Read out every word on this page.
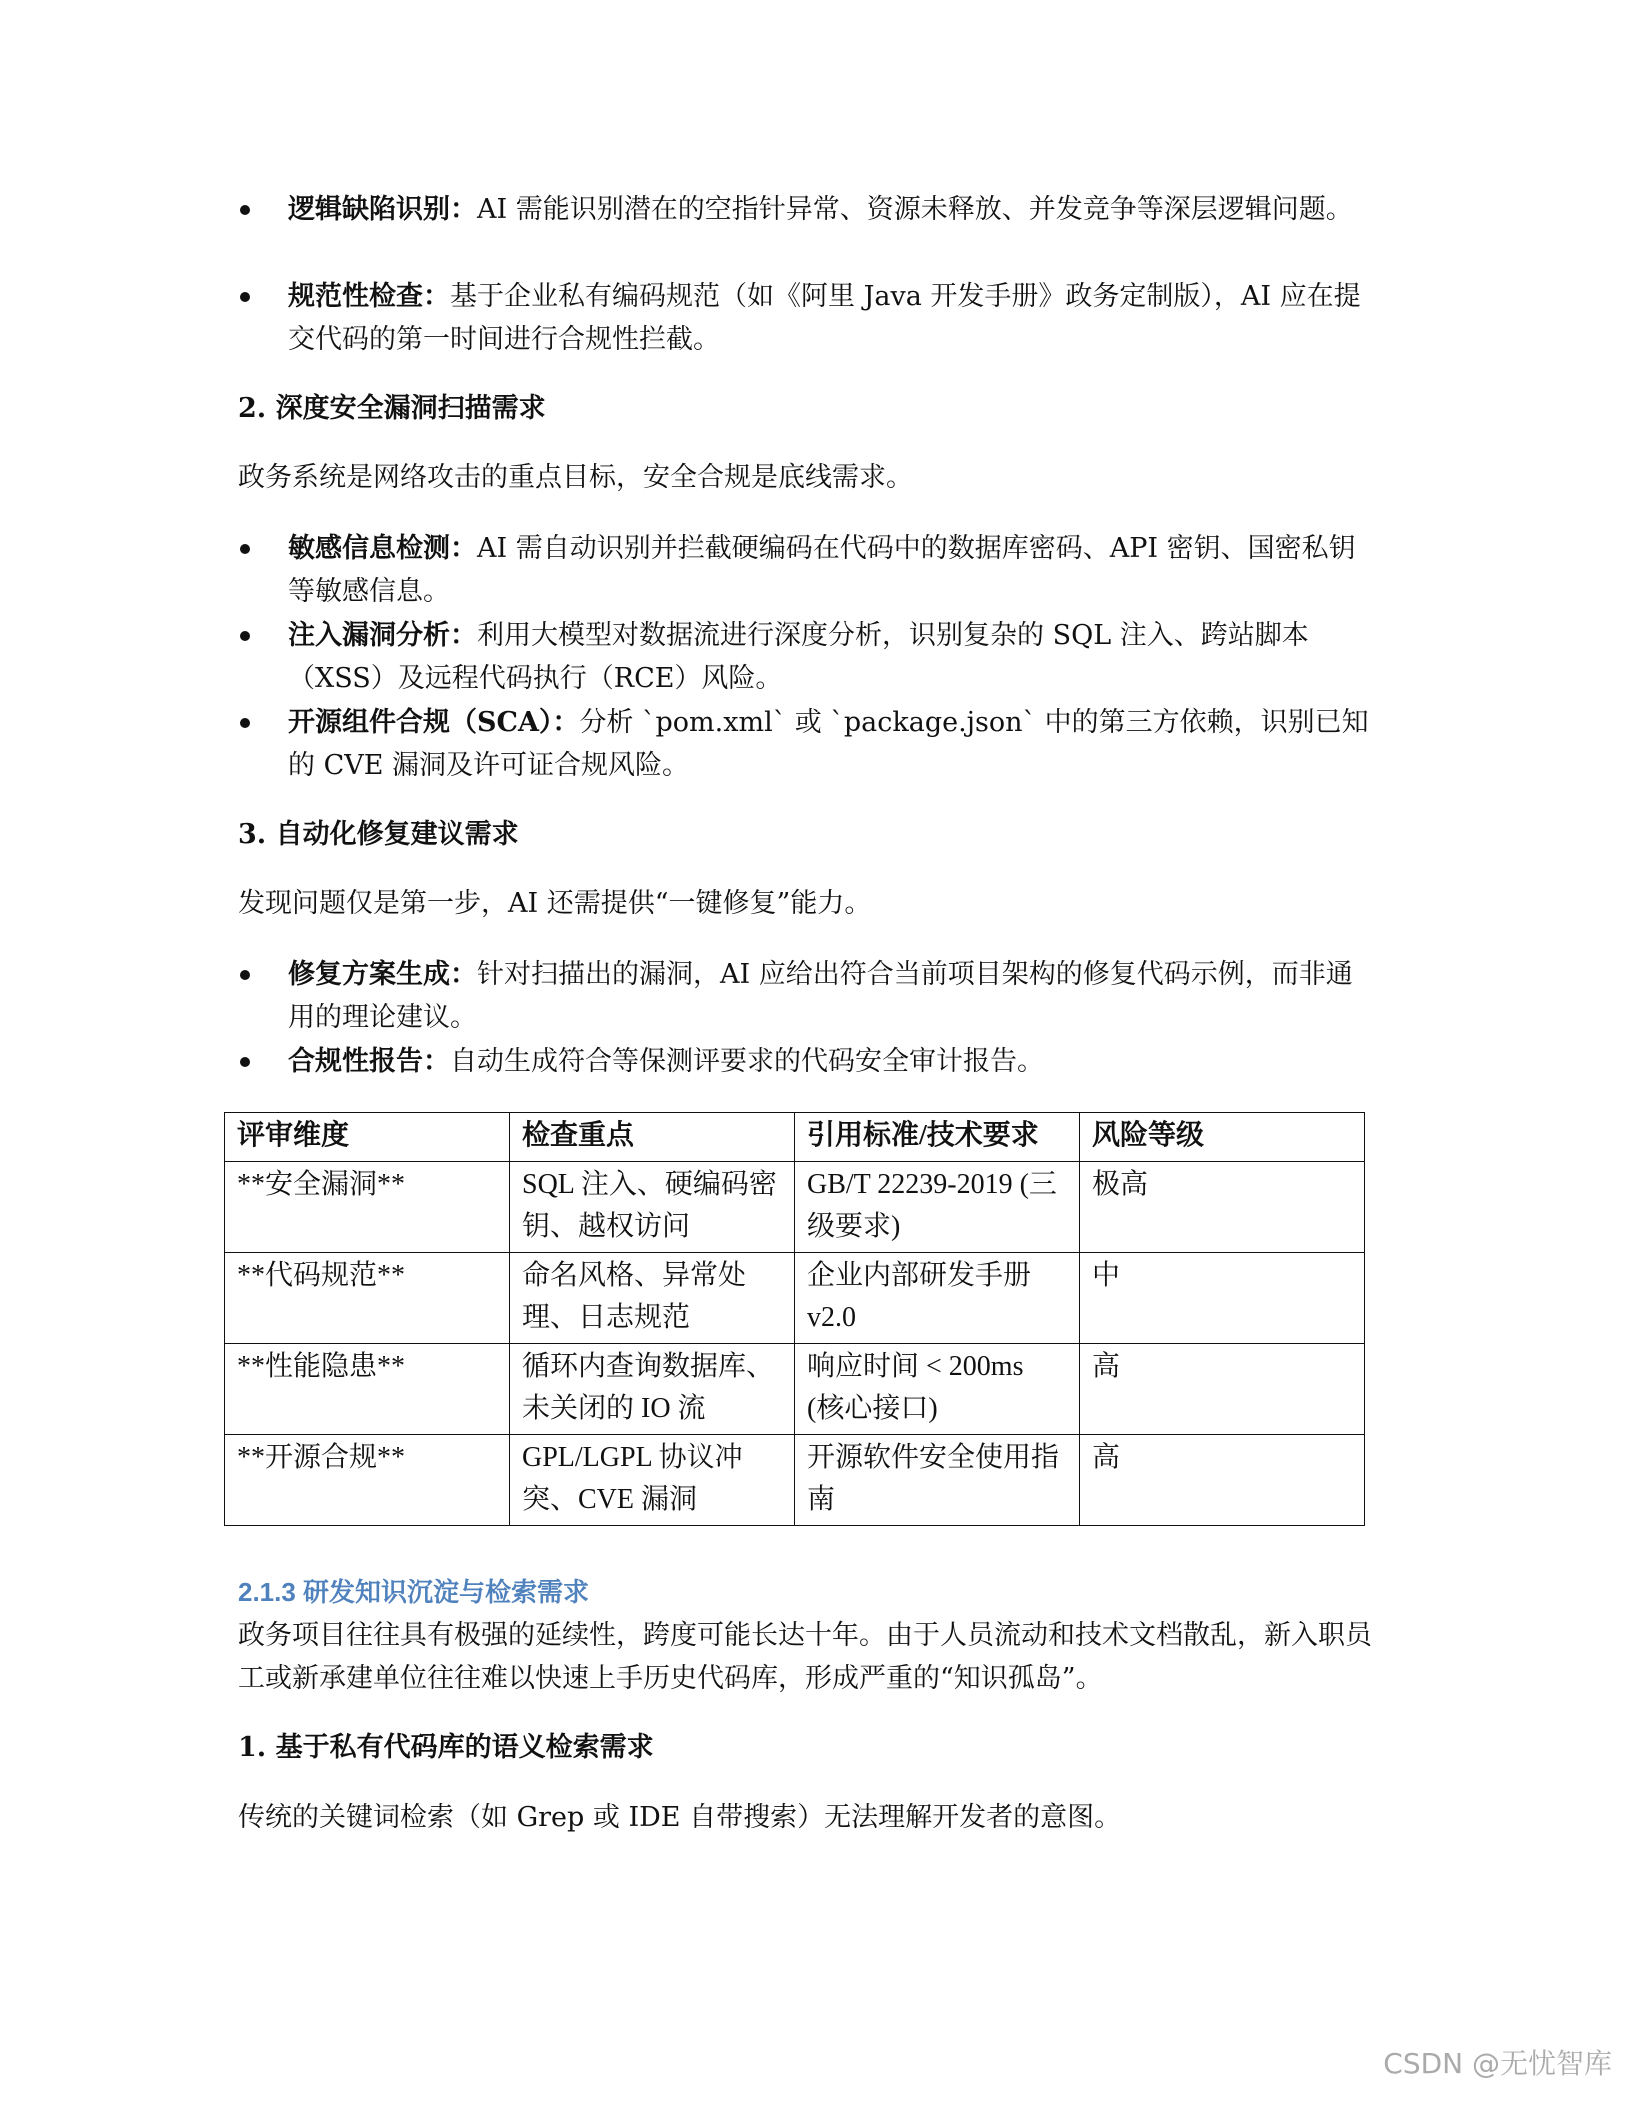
逻辑缺陷识别：AI 需能识别潜在的空指针异常、资源未释放、并发竞争等深层逻辑问题。
规范性检查：基于企业私有编码规范（如《阿里 Java 开发手册》政务定制版），AI 应在提交代码的第一时间进行合规性拦截。
2. 深度安全漏洞扫描需求
政务系统是网络攻击的重点目标，安全合规是底线需求。
敏感信息检测：AI 需自动识别并拦截硬编码在代码中的数据库密码、API 密钥、国密私钥等敏感信息。
注入漏洞分析：利用大模型对数据流进行深度分析，识别复杂的 SQL 注入、跨站脚本（XSS）及远程代码执行（RCE）风险。
开源组件合规（SCA）：分析 `pom.xml` 或 `package.json` 中的第三方依赖，识别已知的 CVE 漏洞及许可证合规风险。
3. 自动化修复建议需求
发现问题仅是第一步，AI 还需提供“一键修复”能力。
修复方案生成：针对扫描出的漏洞，AI 应给出符合当前项目架构的修复代码示例，而非通用的理论建议。
合规性报告：自动生成符合等保测评要求的代码安全审计报告。
评审维度	检查重点	引用标准/技术要求	风险等级
**安全漏洞**	SQL 注入、硬编码密钥、越权访问	GB/T 22239-2019 (三级要求)	极高
**代码规范**	命名风格、异常处理、日志规范	企业内部研发手册 v2.0	中
**性能隐患**	循环内查询数据库、未关闭的 IO 流	响应时间 < 200ms (核心接口)	高
**开源合规**	GPL/LGPL 协议冲突、CVE 漏洞	开源软件安全使用指南	高
2.1.3 研发知识沉淀与检索需求
政务项目往往具有极强的延续性，跨度可能长达十年。由于人员流动和技术文档散乱，新入职员工或新承建单位往往难以快速上手历史代码库，形成严重的“知识孤岛”。
1. 基于私有代码库的语义检索需求
传统的关键词检索（如 Grep 或 IDE 自带搜索）无法理解开发者的意图。
CSDN @无忧智库
